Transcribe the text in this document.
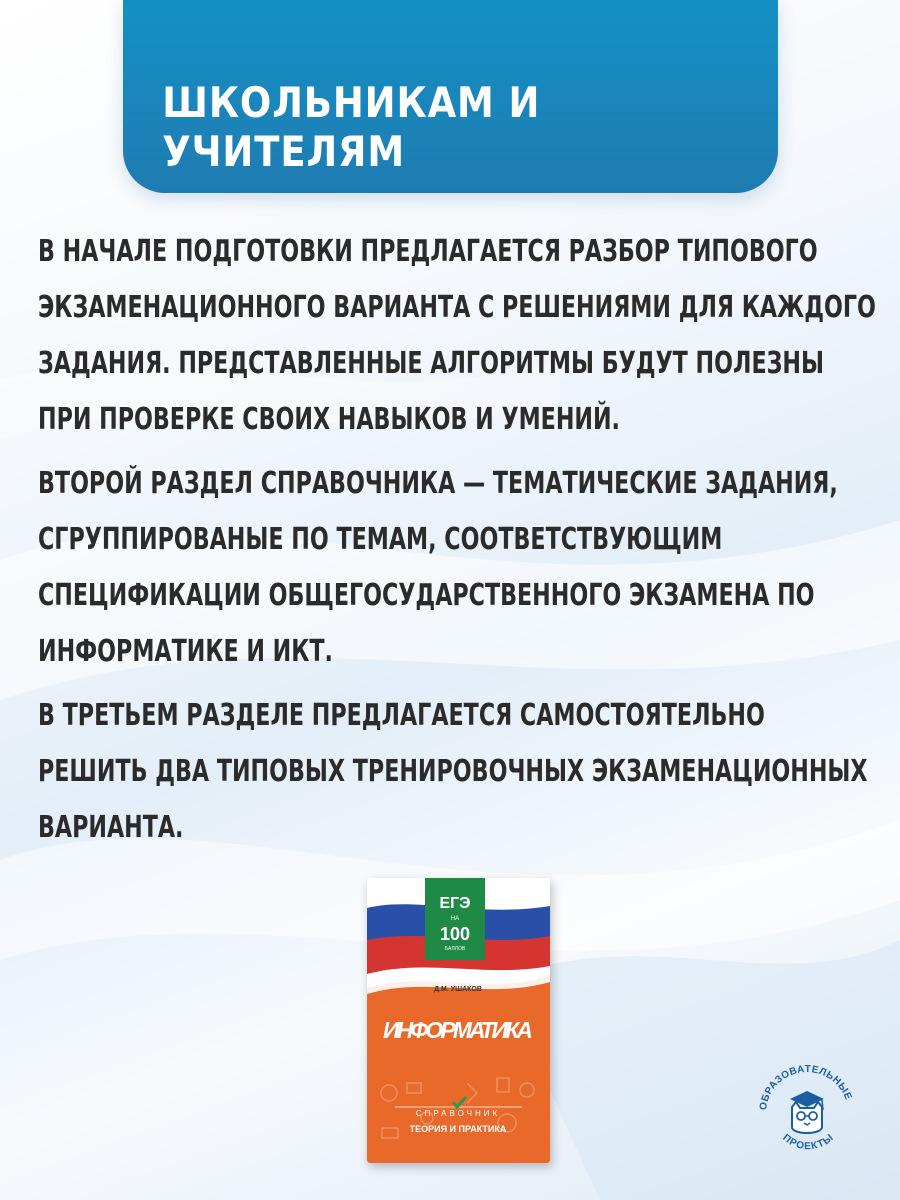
ШКОЛЬНИКАМ И УЧИТЕЛЯМ

В НАЧАЛЕ ПОДГОТОВКИ ПРЕДЛАГАЕТСЯ РАЗБОР ТИПОВОГО ЭКЗАМЕНАЦИОННОГО ВАРИАНТА С РЕШЕНИЯМИ ДЛЯ КАЖДОГО ЗАДАНИЯ. ПРЕДСТАВЛЕННЫЕ АЛГОРИТМЫ БУДУТ ПОЛЕЗНЫ ПРИ ПРОВЕРКЕ СВОИХ НАВЫКОВ И УМЕНИЙ.

ВТОРОЙ РАЗДЕЛ СПРАВОЧНИКА — ТЕМАТИЧЕСКИЕ ЗАДАНИЯ, СГРУППИРОВАНЫЕ ПО ТЕМАМ, СООТВЕТСТВУЮЩИМ СПЕЦИФИКАЦИИ ОБЩЕГОСУДАРСТВЕННОГО ЭКЗАМЕНА ПО ИНФОРМАТИКЕ И ИКТ.

В ТРЕТЬЕМ РАЗДЕЛЕ ПРЕДЛАГАЕТСЯ САМОСТОЯТЕЛЬНО РЕШИТЬ ДВА ТИПОВЫХ ТРЕНИРОВОЧНЫХ ЭКЗАМЕНАЦИОННЫХ ВАРИАНТА.

ЕГЭ
НА
100
БАЛЛОВ
Д.М. УШАКОВ
ИНФОРМАТИКА
СПРАВОЧНИК
ТЕОРИЯ И ПРАКТИКА
ОБРАЗОВАТЕЛЬНЫЕ
ПРОЕКТЫ
